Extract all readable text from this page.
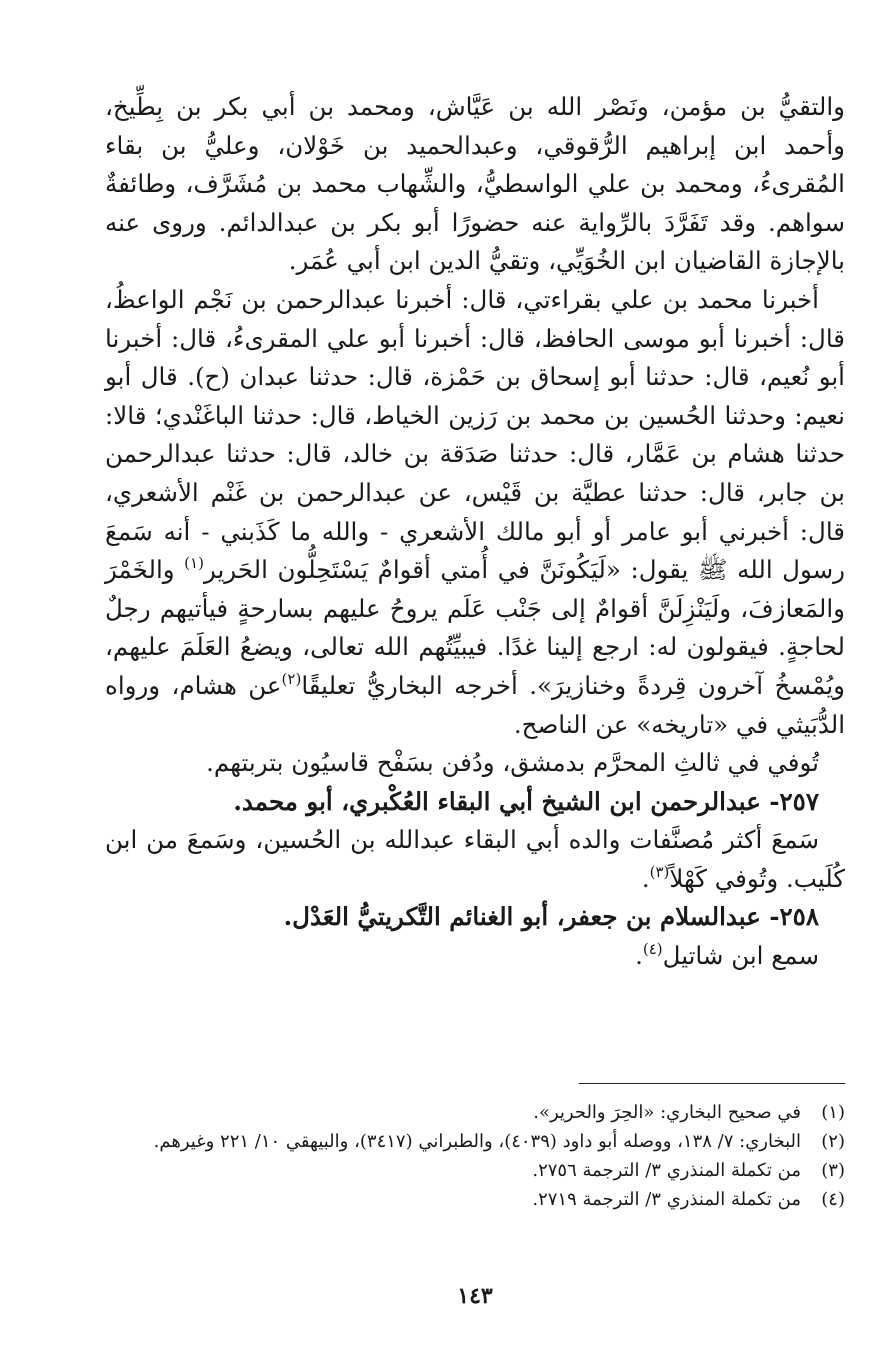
والتقيُّ بن مؤمن، ونَصْر الله بن عَيَّاش، ومحمد بن أبي بكر بن بِطِّيخ، وأحمد ابن إبراهيم الرُّقوقي، وعبدالحميد بن خَوْلان، وعليُّ بن بقاء المُقرىءُ، ومحمد بن علي الواسطيُّ، والشِّهاب محمد بن مُشَرَّف، وطائفةٌ سواهم. وقد تَفَرَّدَ بالرِّواية عنه حضورًا أبو بكر بن عبدالدائم. وروى عنه بالإجازة القاضيان ابن الخُوَيِّي، وتقيُّ الدين ابن أبي عُمَر.

أخبرنا محمد بن علي بقراءتي، قال: أخبرنا عبدالرحمن بن نَجْم الواعظُ، قال: أخبرنا أبو موسى الحافظ، قال: أخبرنا أبو علي المقرىءُ، قال: أخبرنا أبو نُعيم، قال: حدثنا أبو إسحاق بن حَمْزة، قال: حدثنا عبدان (ح). قال أبو نعيم: وحدثنا الحُسين بن محمد بن رَزين الخياط، قال: حدثنا الباغَنْدي؛ قالا: حدثنا هشام بن عَمَّار، قال: حدثنا صَدَقة بن خالد، قال: حدثنا عبدالرحمن بن جابر، قال: حدثنا عطيَّة بن قَيْس، عن عبدالرحمن بن غَنْم الأشعري، قال: أخبرني أبو عامر أو أبو مالك الأشعري - والله ما كَذَبني - أنه سَمعَ رسول الله ﷺ يقول: «لَيَكُونَنَّ في أُمتي أقوامٌ يَسْتَحِلُّون الحَرير$^{(١)}$ والخَمْرَ والمَعازفَ، ولَيَنْزِلَنَّ أقوامٌ إلى جَنْب عَلَم يروحُ عليهم بسارحةٍ فيأتيهم رجلٌ لحاجةٍ. فيقولون له: ارجع إلينا غدًا. فيبيِّتُهم الله تعالى، ويضعُ العَلَمَ عليهم، ويُمْسخُ آخرون قِردةً وخنازيرَ». أخرجه البخاريُّ تعليقًا$^{(٢)}$عن هشام، ورواه الدُّبَيثي في «تاريخه» عن الناصح.

تُوفي في ثالثِ المحرَّم بدمشق، ودُفن بسَفْح قاسيُون بتربتهم.

٢٥٧- عبدالرحمن ابن الشيخ أبي البقاء العُكْبري، أبو محمد.

سَمعَ أكثر مُصنَّفات والده أبي البقاء عبدالله بن الحُسين، وسَمعَ من ابن كُلَيب. وتُوفي كَهْلاً$^{(٣)}$.

٢٥٨- عبدالسلام بن جعفر، أبو الغنائم التَّكريتيُّ العَدْل.

سمع ابن شاتيل$^{(٤)}$.

(١)
في صحيح البخاري: «الحِرَ والحرير».
(٢)
البخاري: ٧/ ١٣٨، ووصله أبو داود (٤٠٣٩)، والطبراني (٣٤١٧)، والبيهقي ١٠/ ٢٢١ وغيرهم.
(٣)
من تكملة المنذري ٣/ الترجمة ٢٧٥٦.
(٤)
من تكملة المنذري ٣/ الترجمة ٢٧١٩.
١٤٣
